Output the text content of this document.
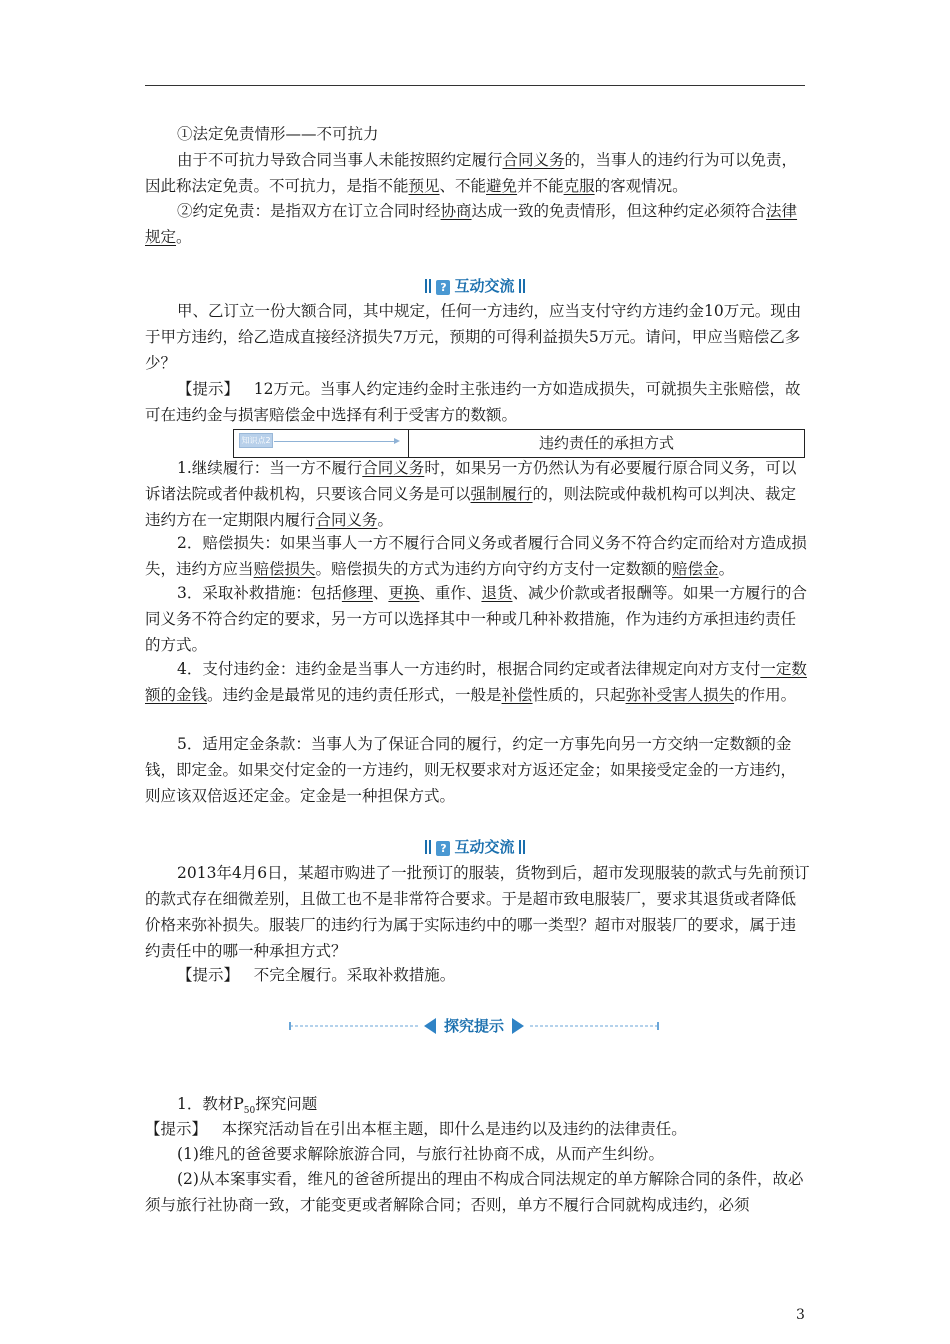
①法定免责情形——不可抗力

由于不可抗力导致合同当事人未能按照约定履行合同义务的，当事人的违约行为可以免责，因此称法定免责。不可抗力，是指不能预见、不能避免并不能克服的客观情况。

②约定免责：是指双方在订立合同时经协商达成一致的免责情形，但这种约定必须符合法律规定。

? 互动交流

甲、乙订立一份大额合同，其中规定，任何一方违约，应当支付守约方违约金10万元。现由于甲方违约，给乙造成直接经济损失7万元，预期的可得利益损失5万元。请问，甲应当赔偿乙多少？

【提示】 12万元。当事人约定违约金时主张违约一方如造成损失，可就损失主张赔偿，故可在违约金与损害赔偿金中选择有利于受害方的数额。

知识点2	违约责任的承担方式

1.继续履行：当一方不履行合同义务时，如果另一方仍然认为有必要履行原合同义务，可以诉诸法院或者仲裁机构，只要该合同义务是可以强制履行的，则法院或仲裁机构可以判决、裁定违约方在一定期限内履行合同义务。

2．赔偿损失：如果当事人一方不履行合同义务或者履行合同义务不符合约定而给对方造成损失，违约方应当赔偿损失。赔偿损失的方式为违约方向守约方支付一定数额的赔偿金。

3．采取补救措施：包括修理、更换、重作、退货、减少价款或者报酬等。如果一方履行的合同义务不符合约定的要求，另一方可以选择其中一种或几种补救措施，作为违约方承担违约责任的方式。

4．支付违约金：违约金是当事人一方违约时，根据合同约定或者法律规定向对方支付一定数额的金钱。违约金是最常见的违约责任形式，一般是补偿性质的，只起弥补受害人损失的作用。

5．适用定金条款：当事人为了保证合同的履行，约定一方事先向另一方交纳一定数额的金钱，即定金。如果交付定金的一方违约，则无权要求对方返还定金；如果接受定金的一方违约，则应该双倍返还定金。定金是一种担保方式。

? 互动交流

2013年4月6日，某超市购进了一批预订的服装，货物到后，超市发现服装的款式与先前预订的款式存在细微差别，且做工也不是非常符合要求。于是超市致电服装厂，要求其退货或者降低价格来弥补损失。服装厂的违约行为属于实际违约中的哪一类型？超市对服装厂的要求，属于违约责任中的哪一种承担方式？

【提示】 不完全履行。采取补救措施。

探究提示

1．教材$P_{50}$探究问题

【提示】 本探究活动旨在引出本框主题，即什么是违约以及违约的法律责任。

(1)维凡的爸爸要求解除旅游合同，与旅行社协商不成，从而产生纠纷。

(2)从本案事实看，维凡的爸爸所提出的理由不构成合同法规定的单方解除合同的条件，故必须与旅行社协商一致，才能变更或者解除合同；否则，单方不履行合同就构成违约，必须

3
